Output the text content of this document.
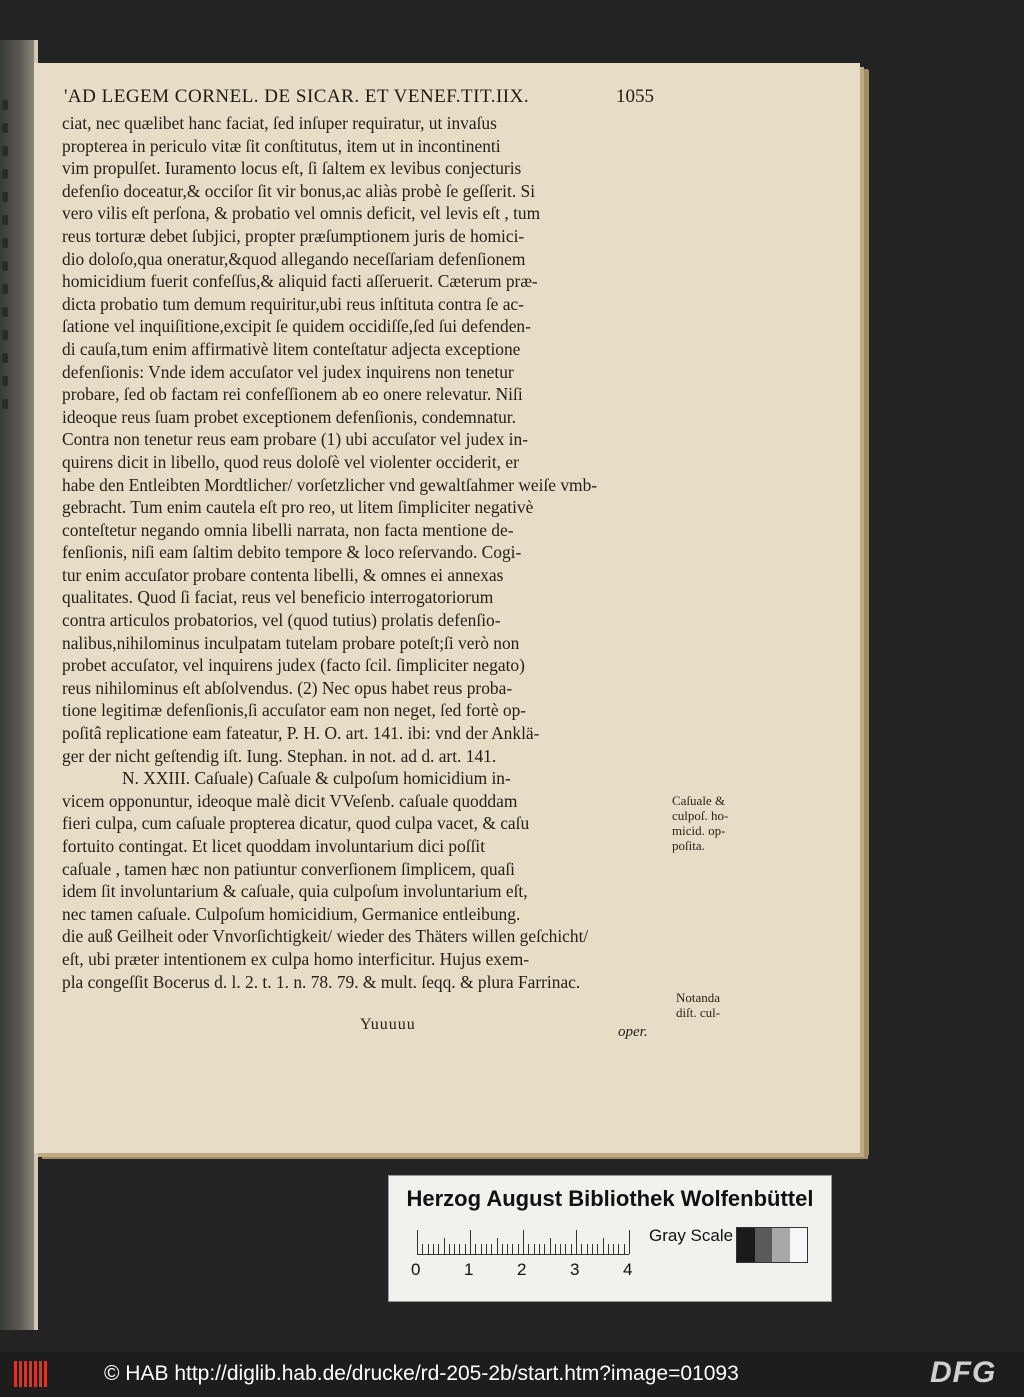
'AD LEGEM CORNEL. DE SICAR. ET VENEF.TIT.IIX.	1055
ciat, nec quælibet hanc faciat, ſed inſuper requiratur, ut invaſus
propterea in periculo vitæ ſit conſtitutus, item ut in incontinenti
vim propulſet. Iuramento locus eſt, ſi ſaltem ex levibus conjecturis
defenſio doceatur,& occiſor ſit vir bonus,ac aliàs probè ſe geſſerit. Si
vero vilis eſt perſona, & probatio vel omnis deficit, vel levis eſt , tum
reus torturæ debet ſubjici, propter præſumptionem juris de homici-
dio doloſo,qua oneratur,&quod allegando neceſſariam defenſionem
homicidium fuerit confeſſus,& aliquid facti aſſeruerit. Cæterum præ-
dicta probatio tum demum requiritur,ubi reus inſtituta contra ſe ac-
ſatione vel inquiſitione,excipit ſe quidem occidiſſe,ſed ſui defenden-
di cauſa,tum enim affirmativè litem conteſtatur adjecta exceptione
defenſionis: Vnde idem accuſator vel judex inquirens non tenetur
probare, ſed ob factam rei confeſſionem ab eo onere relevatur. Niſi
ideoque reus ſuam probet exceptionem defenſionis, condemnatur.
Contra non tenetur reus eam probare (1) ubi accuſator vel judex in-
quirens dicit in libello, quod reus doloſè vel violenter occiderit, er
habe den Entleibten Mordtlicher/ vorſetzlicher vnd gewaltſahmer weiſe vmb-
gebracht. Tum enim cautela eſt pro reo, ut litem ſimpliciter negativè
conteſtetur negando omnia libelli narrata, non facta mentione de-
fenſionis, niſi eam ſaltim debito tempore & loco reſervando. Cogi-
tur enim accuſator probare contenta libelli, & omnes ei annexas
qualitates. Quod ſi faciat, reus vel beneficio interrogatoriorum
contra articulos probatorios, vel (quod tutius) prolatis defenſio-
nalibus,nihilominus inculpatam tutelam probare poteſt;ſi verò non
probet accuſator, vel inquirens judex (facto ſcil. ſimpliciter negato)
reus nihilominus eſt abſolvendus. (2) Nec opus habet reus proba-
tione legitimæ defenſionis,ſi accuſator eam non neget, ſed fortè op-
poſitâ replicatione eam fateatur, P. H. O. art. 141. ibi: vnd der Anklä-
ger der nicht geſtendig iſt. Iung. Stephan. in not. ad d. art. 141.
N. XXIII. Caſuale) Caſuale & culpoſum homicidium in-
vicem opponuntur, ideoque malè dicit VVeſenb. caſuale quoddam
fieri culpa, cum caſuale propterea dicatur, quod culpa vacet, & caſu
fortuito contingat. Et licet quoddam involuntarium dici poſſit
caſuale , tamen hæc non patiuntur converſionem ſimplicem, quaſi
idem ſit involuntarium & caſuale, quia culpoſum involuntarium eſt,
nec tamen caſuale. Culpoſum homicidium, Germanice entleibung.
die auß Geilheit oder Vnvorſichtigkeit/ wieder des Thäters willen geſchicht/
eſt, ubi præter intentionem ex culpa homo interficitur. Hujus exem-
pla congeſſit Bocerus d. l. 2. t. 1. n. 78. 79. & mult. ſeqq. & plura Farrinac.
Caſuale &
culpoſ. ho-
micid. op-
poſita.
Notanda
diſt. cul-
Yuuuuu	oper.
Herzog August Bibliothek Wolfenbüttel
0	1	2	3	4
Gray Scale
© HAB http://diglib.hab.de/drucke/rd-205-2b/start.htm?image=01093	DFG
